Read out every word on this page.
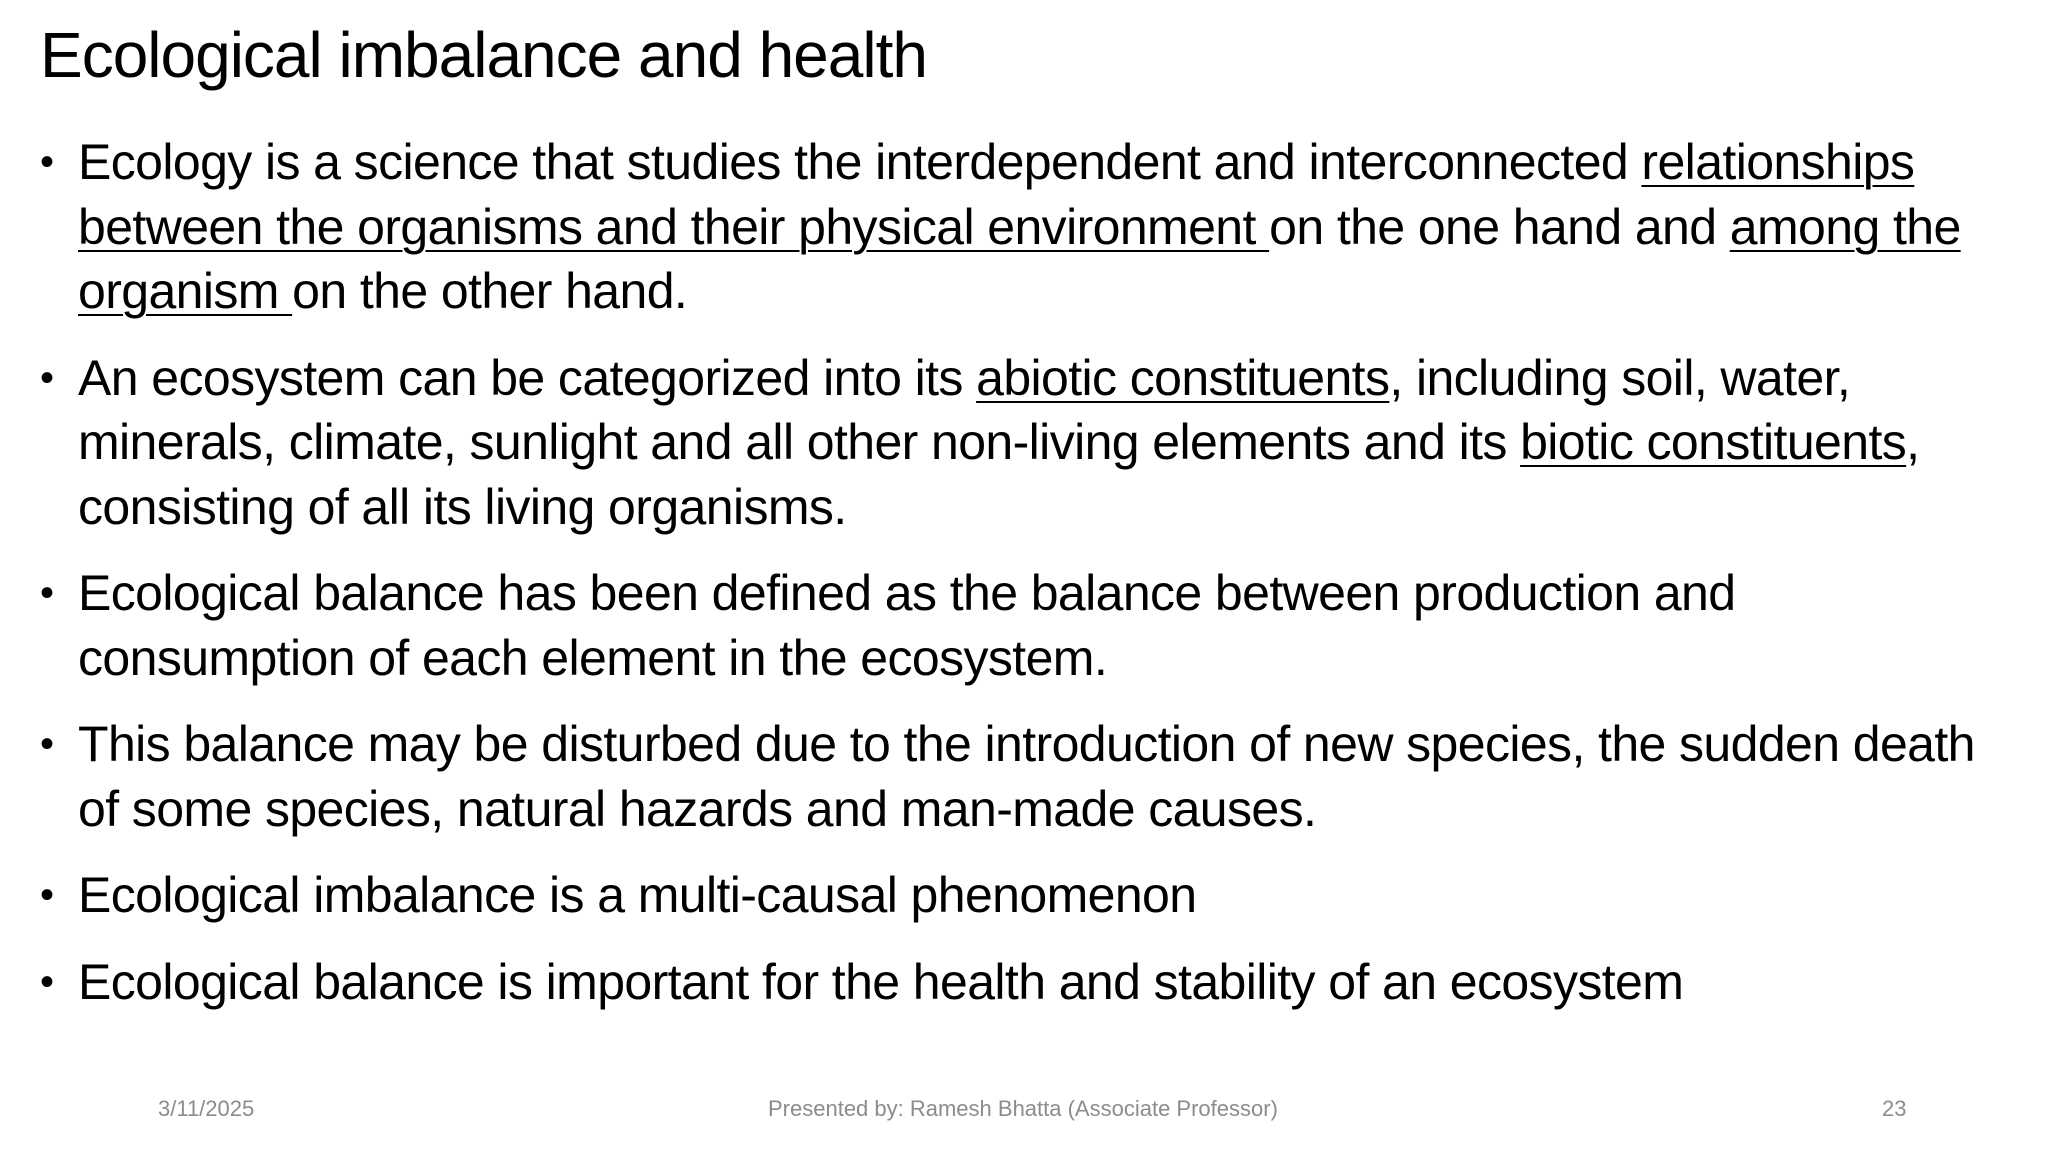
Ecological imbalance and health
• Ecology is a science that studies the interdependent and interconnected relationships between the organisms and their physical environment on the one hand and among the organism on the other hand.
• An ecosystem can be categorized into its abiotic constituents, including soil, water, minerals, climate, sunlight and all other non-living elements and its biotic constituents, consisting of all its living organisms.
• Ecological balance has been defined as the balance between production and consumption of each element in the ecosystem.
• This balance may be disturbed due to the introduction of new species, the sudden death of some species, natural hazards and man-made causes.
• Ecological imbalance is a multi-causal phenomenon
• Ecological balance is important for the health and stability of an ecosystem
3/11/2025	Presented by: Ramesh Bhatta (Associate Professor)	23
